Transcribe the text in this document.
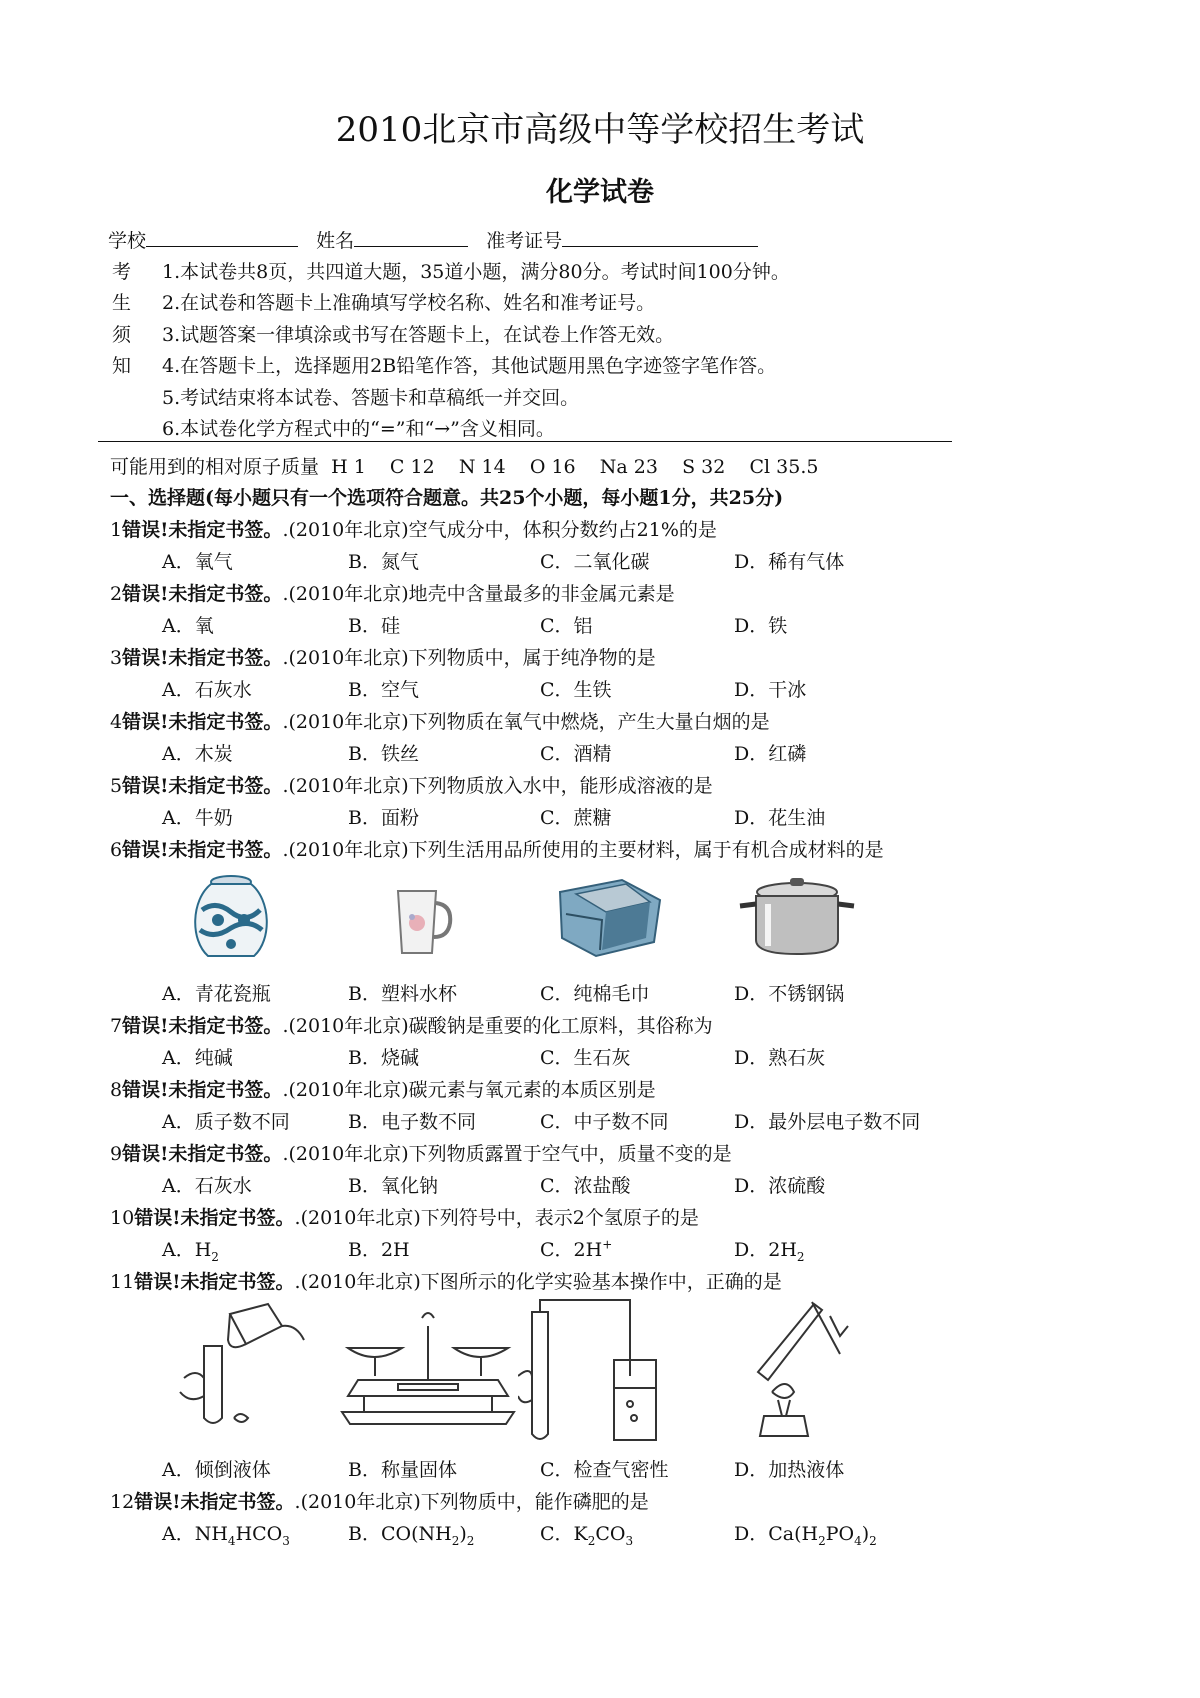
2010北京市高级中等学校招生考试
化学试卷
学校	姓名	准考证号
考
生
须
知
1.本试卷共8页，共四道大题，35道小题，满分80分。考试时间100分钟。
2.在试卷和答题卡上准确填写学校名称、姓名和准考证号。
3.试题答案一律填涂或书写在答题卡上，在试卷上作答无效。
4.在答题卡上，选择题用2B铅笔作答，其他试题用黑色字迹签字笔作答。
5.考试结束将本试卷、答题卡和草稿纸一并交回。
6.本试卷化学方程式中的“=”和“→”含义相同。
可能用到的相对原子质量  H 1    C 12    N 14    O 16    Na 23    S 32    Cl 35.5
一、选择题(每小题只有一个选项符合题意。共25个小题，每小题1分，共25分)
1错误!未指定书签。.(2010年北京)空气成分中，体积分数约占21%的是
A．氧气	B．氮气	C．二氧化碳	D．稀有气体
2错误!未指定书签。.(2010年北京)地壳中含量最多的非金属元素是
A．氧	B．硅	C．铝	D．铁
3错误!未指定书签。.(2010年北京)下列物质中，属于纯净物的是
A．石灰水	B．空气	C．生铁	D．干冰
4错误!未指定书签。.(2010年北京)下列物质在氧气中燃烧，产生大量白烟的是
A．木炭	B．铁丝	C．酒精	D．红磷
5错误!未指定书签。.(2010年北京)下列物质放入水中，能形成溶液的是
A．牛奶	B．面粉	C．蔗糖	D．花生油
6错误!未指定书签。.(2010年北京)下列生活用品所使用的主要材料，属于有机合成材料的是
A．青花瓷瓶	B．塑料水杯	C．纯棉毛巾	D．不锈钢锅
7错误!未指定书签。.(2010年北京)碳酸钠是重要的化工原料，其俗称为
A．纯碱	B．烧碱	C．生石灰	D．熟石灰
8错误!未指定书签。.(2010年北京)碳元素与氧元素的本质区别是
A．质子数不同	B．电子数不同	C．中子数不同	D．最外层电子数不同
9错误!未指定书签。.(2010年北京)下列物质露置于空气中，质量不变的是
A．石灰水	B．氧化钠	C．浓盐酸	D．浓硫酸
10错误!未指定书签。.(2010年北京)下列符号中，表示2个氢原子的是
A．$H_2$	B．2H	C．2H+	D．$2H_2$
11错误!未指定书签。.(2010年北京)下图所示的化学实验基本操作中，正确的是
A．倾倒液体	B．称量固体	C．检查气密性	D．加热液体
12错误!未指定书签。.(2010年北京)下列物质中，能作磷肥的是
A．$NH_4HCO_3$	B．$CO(NH_2)_2$	C．$K_2CO_3$	D．$Ca(H_2PO_4)_2$
